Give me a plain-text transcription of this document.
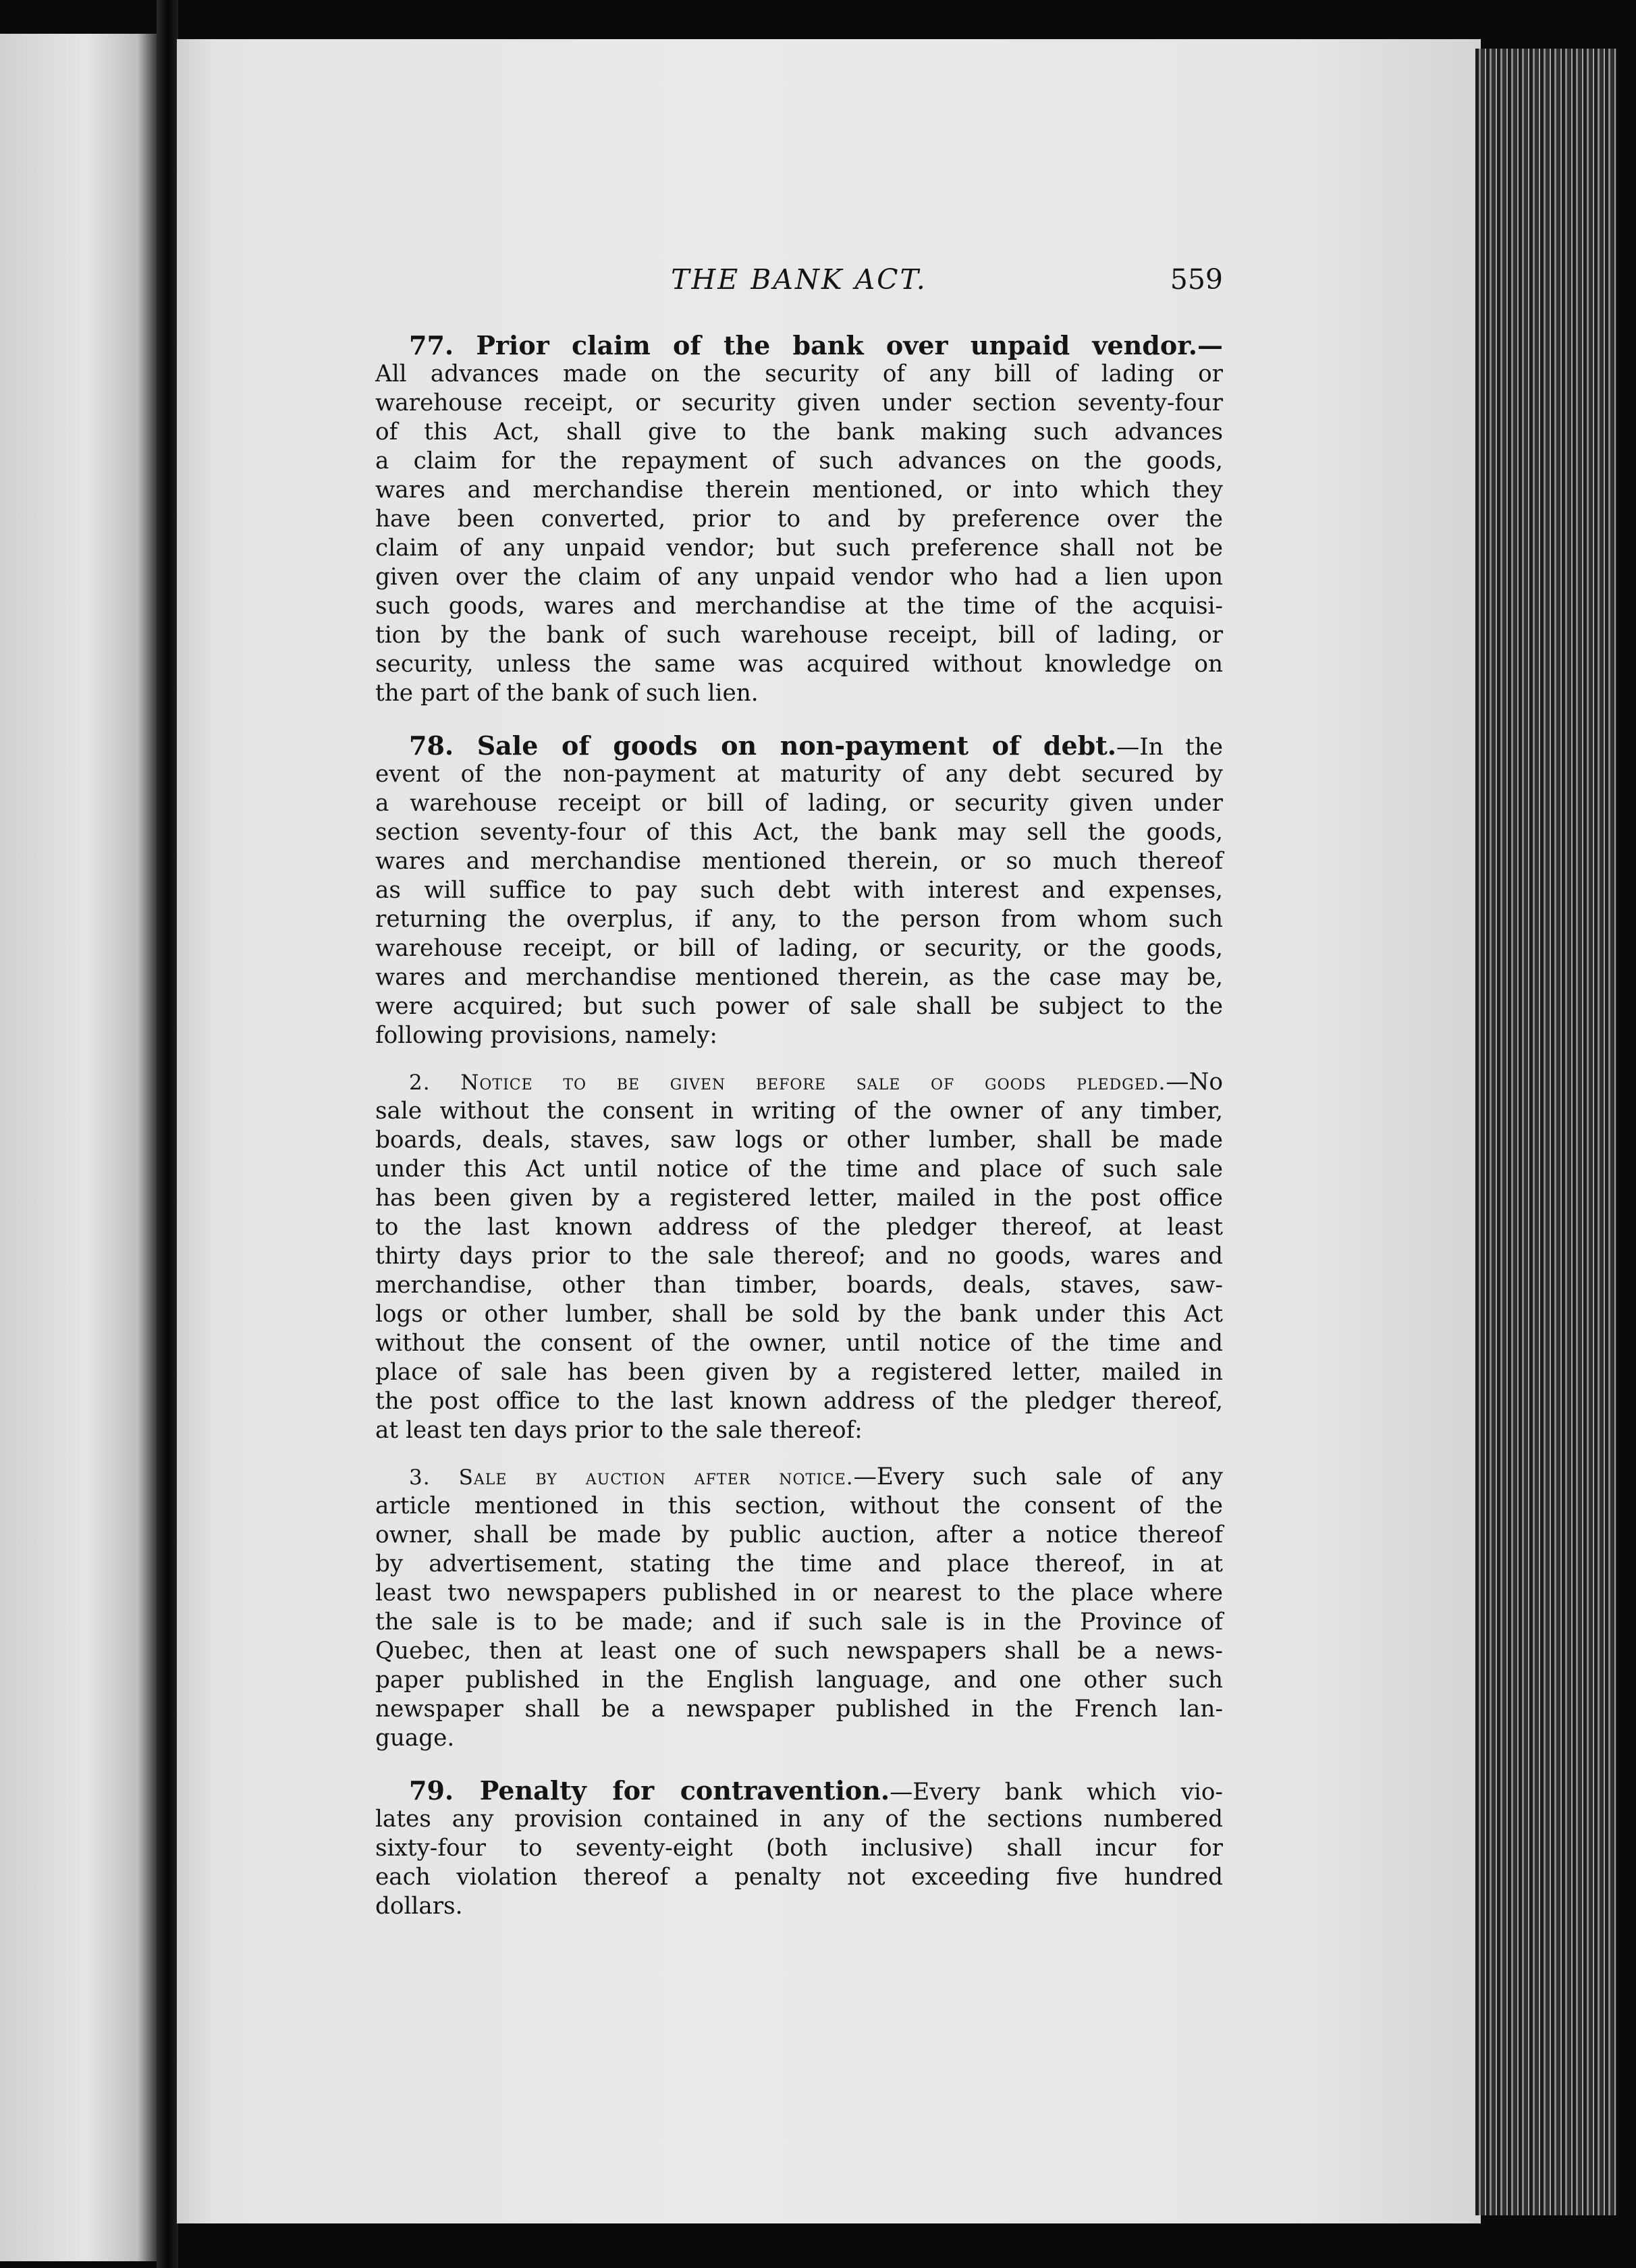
THE BANK ACT.	559

77. Prior claim of the bank over unpaid vendor.—

All advances made on the security of any bill of lading or

warehouse receipt, or security given under section seventy-four

of this Act, shall give to the bank making such advances

a claim for the repayment of such advances on the goods,

wares and merchandise therein mentioned, or into which they

have been converted, prior to and by preference over the

claim of any unpaid vendor; but such preference shall not be

given over the claim of any unpaid vendor who had a lien upon

such goods, wares and merchandise at the time of the acquisi-

tion by the bank of such warehouse receipt, bill of lading, or

security, unless the same was acquired without knowledge on

the part of the bank of such lien.

78. Sale of goods on non-payment of debt.—In the

event of the non-payment at maturity of any debt secured by

a warehouse receipt or bill of lading, or security given under

section seventy-four of this Act, the bank may sell the goods,

wares and merchandise mentioned therein, or so much thereof

as will suffice to pay such debt with interest and expenses,

returning the overplus, if any, to the person from whom such

warehouse receipt, or bill of lading, or security, or the goods,

wares and merchandise mentioned therein, as the case may be,

were acquired; but such power of sale shall be subject to the

following provisions, namely:

2. Notice to be given before sale of goods pledged.—No

sale without the consent in writing of the owner of any timber,

boards, deals, staves, saw logs or other lumber, shall be made

under this Act until notice of the time and place of such sale

has been given by a registered letter, mailed in the post office

to the last known address of the pledger thereof, at least

thirty days prior to the sale thereof; and no goods, wares and

merchandise, other than timber, boards, deals, staves, saw-

logs or other lumber, shall be sold by the bank under this Act

without the consent of the owner, until notice of the time and

place of sale has been given by a registered letter, mailed in

the post office to the last known address of the pledger thereof,

at least ten days prior to the sale thereof:

3. Sale by auction after notice.—Every such sale of any

article mentioned in this section, without the consent of the

owner, shall be made by public auction, after a notice thereof

by advertisement, stating the time and place thereof, in at

least two newspapers published in or nearest to the place where

the sale is to be made; and if such sale is in the Province of

Quebec, then at least one of such newspapers shall be a news-

paper published in the English language, and one other such

newspaper shall be a newspaper published in the French lan-

guage.

79. Penalty for contravention.—Every bank which vio-

lates any provision contained in any of the sections numbered

sixty-four to seventy-eight (both inclusive) shall incur for

each violation thereof a penalty not exceeding five hundred

dollars.
